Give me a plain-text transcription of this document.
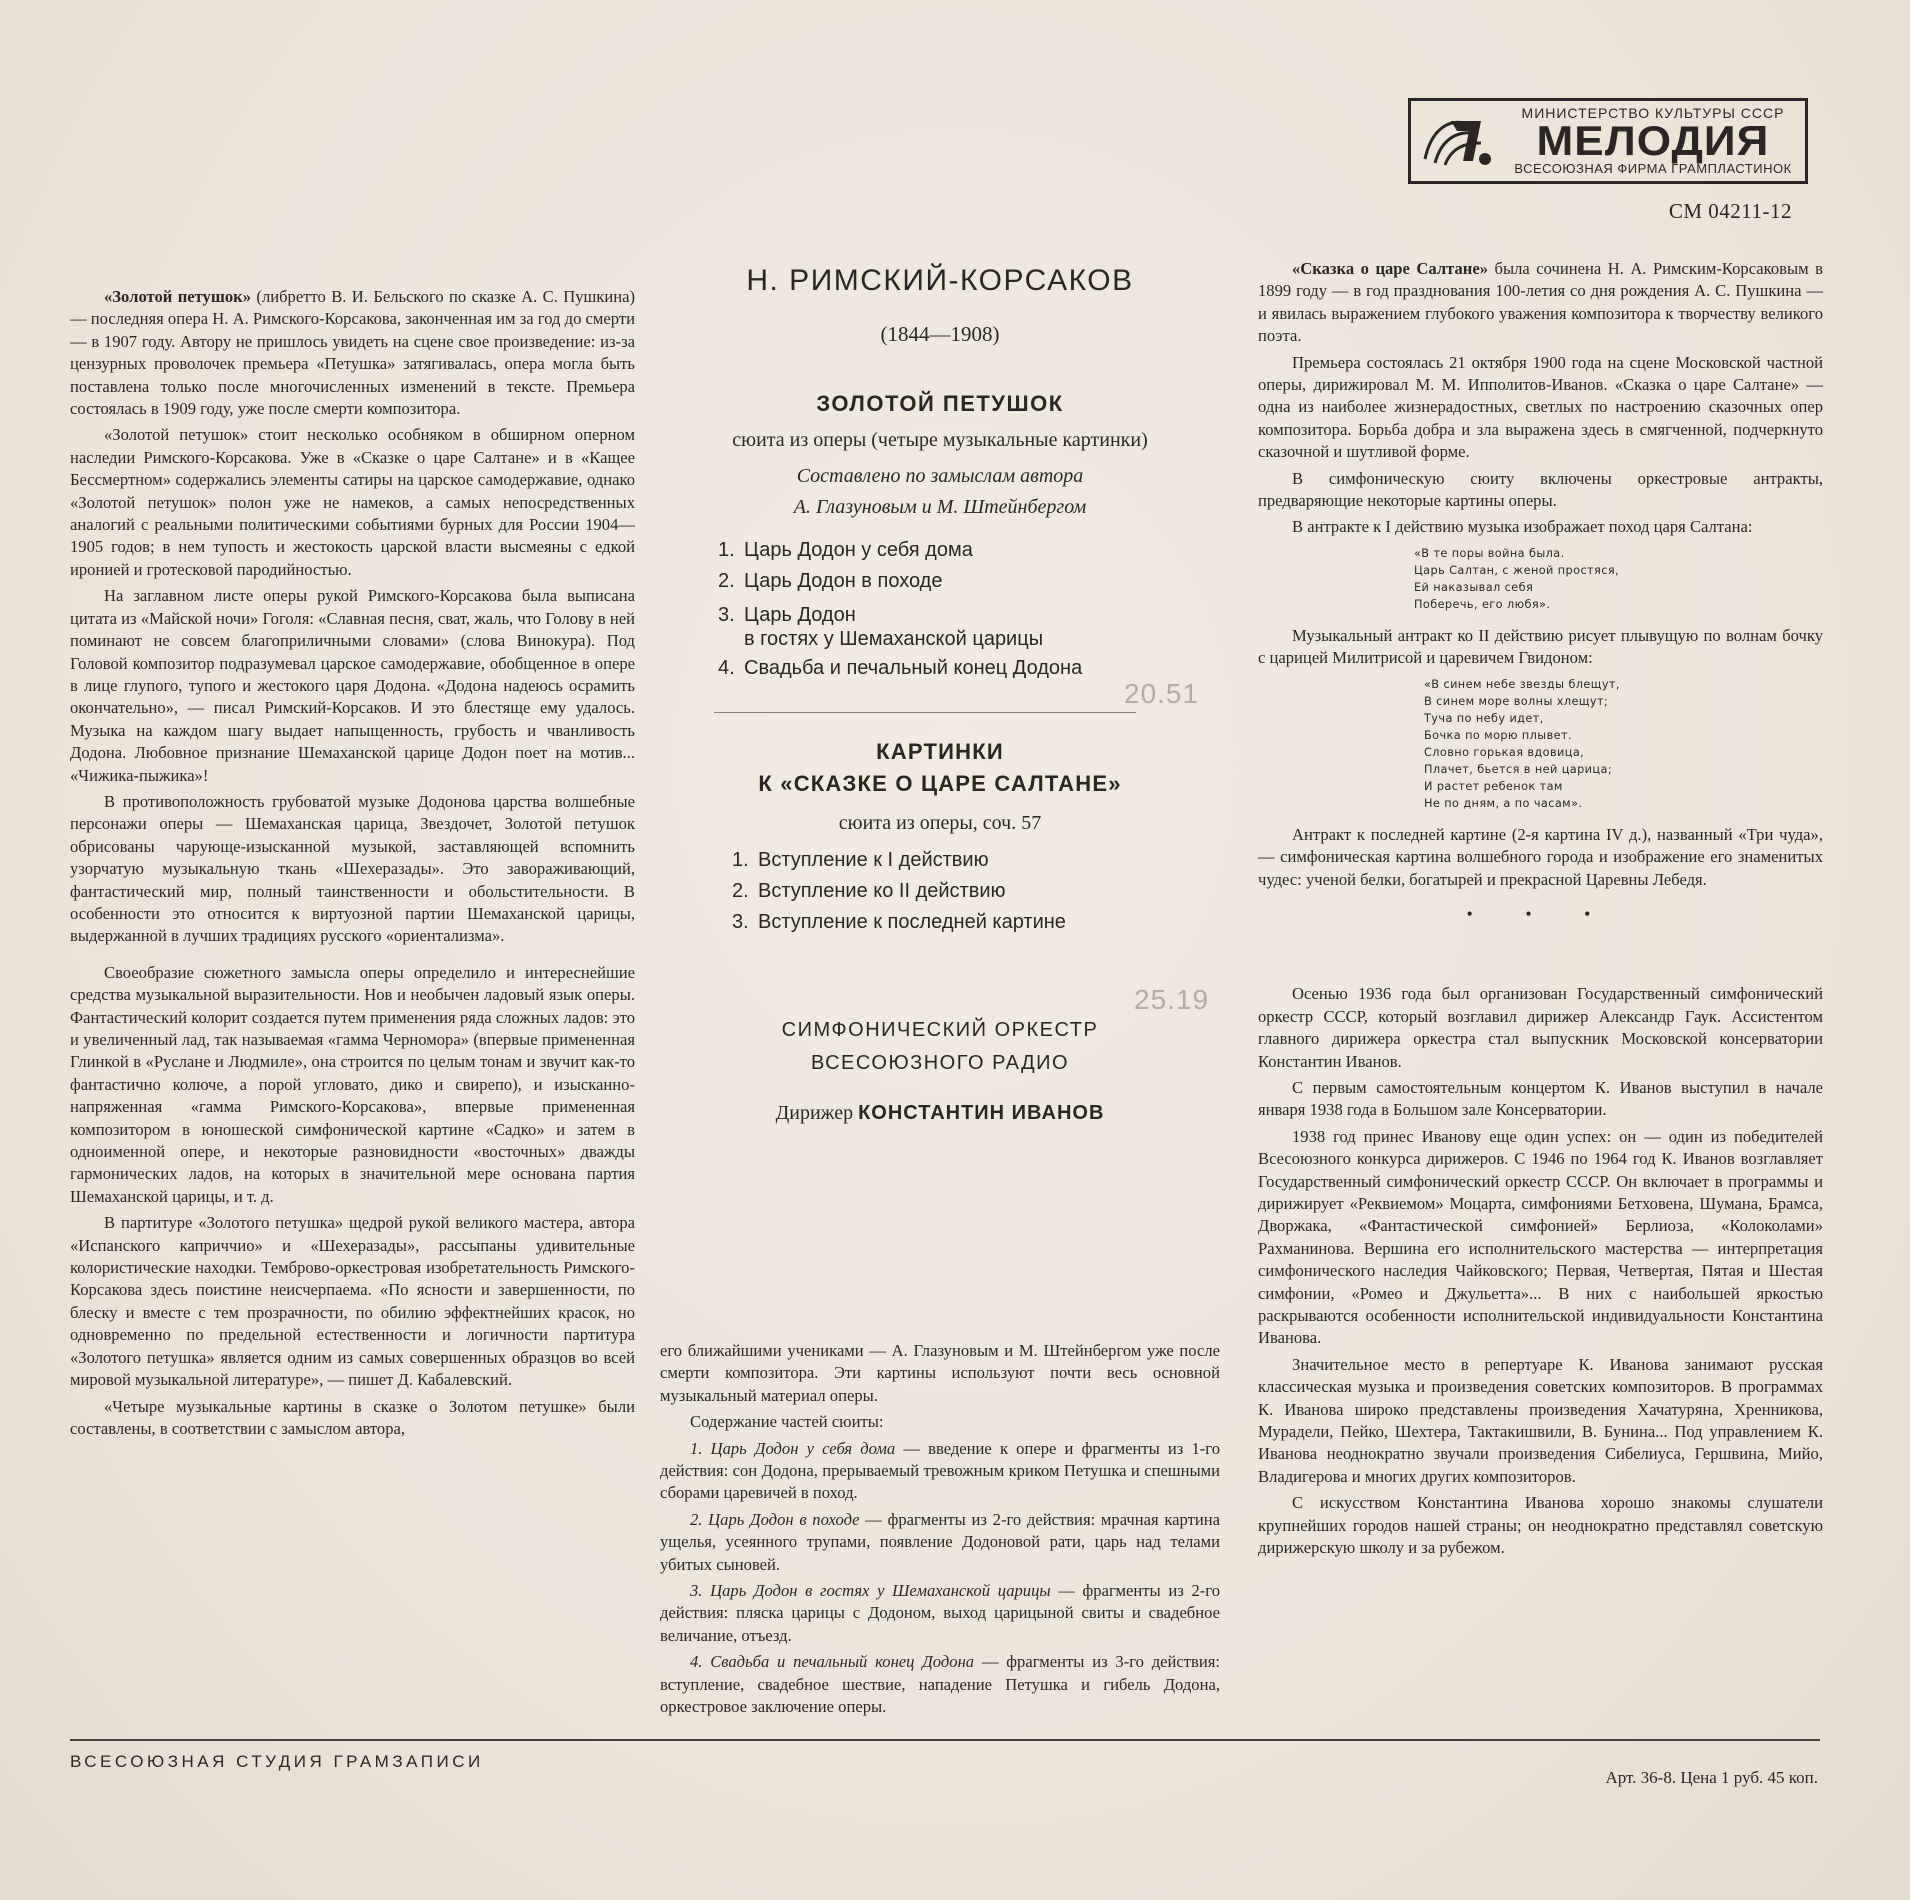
МИНИСТЕРСТВО КУЛЬТУРЫ СССР
МЕЛОДИЯ
ВСЕСОЮЗНАЯ ФИРМА ГРАМПЛАСТИНОК
СМ 04211-12

«Золотой петушок» (либретто В. И. Бельского по сказке А. С. Пушкина) — последняя опера Н. А. Римского-Корсакова, законченная им за год до смерти — в 1907 году. Автору не пришлось увидеть на сцене свое произведение: из-за цензурных проволочек премьера «Петушка» затягивалась, опера могла быть поставлена только после многочисленных изменений в тексте. Премьера состоялась в 1909 году, уже после смерти композитора.

«Золотой петушок» стоит несколько особняком в обширном оперном наследии Римского-Корсакова. Уже в «Сказке о царе Салтане» и в «Кащее Бессмертном» содержались элементы сатиры на царское самодержавие, однако «Золотой петушок» полон уже не намеков, а самых непосредственных аналогий с реальными политическими событиями бурных для России 1904—1905 годов; в нем тупость и жестокость царской власти высмеяны с едкой иронией и гротесковой пародийностью.

На заглавном листе оперы рукой Римского-Корсакова была выписана цитата из «Майской ночи» Гоголя: «Славная песня, сват, жаль, что Голову в ней поминают не совсем благоприличными словами» (слова Винокура). Под Головой композитор подразумевал царское самодержавие, обобщенное в опере в лице глупого, тупого и жестокого царя Додона. «Додона надеюсь осрамить окончательно», — писал Римский-Корсаков. И это блестяще ему удалось. Музыка на каждом шагу выдает напыщенность, грубость и чванливость Додона. Любовное признание Шемаханской царице Додон поет на мотив... «Чижика-пыжика»!

В противоположность грубоватой музыке Додонова царства волшебные персонажи оперы — Шемаханская царица, Звездочет, Золотой петушок обрисованы чарующе-изысканной музыкой, заставляющей вспомнить узорчатую музыкальную ткань «Шехеразады». Это завораживающий, фантастический мир, полный таинственности и обольстительности. В особенности это относится к виртуозной партии Шемаханской царицы, выдержанной в лучших традициях русского «ориентализма».

Своеобразие сюжетного замысла оперы определило и интереснейшие средства музыкальной выразительности. Нов и необычен ладовый язык оперы. Фантастический колорит создается путем применения ряда сложных ладов: это и увеличенный лад, так называемая «гамма Черномора» (впервые примененная Глинкой в «Руслане и Людмиле», она строится по целым тонам и звучит как-то фантастично колюче, а порой угловато, дико и свирепо), и изысканно-напряженная «гамма Римского-Корсакова», впервые примененная композитором в юношеской симфонической картине «Садко» и затем в одноименной опере, и некоторые разновидности «восточных» дважды гармонических ладов, на которых в значительной мере основана партия Шемаханской царицы, и т. д.

В партитуре «Золотого петушка» щедрой рукой великого мастера, автора «Испанского каприччио» и «Шехеразады», рассыпаны удивительные колористические находки. Темброво-оркестровая изобретательность Римского-Корсакова здесь поистине неисчерпаема. «По ясности и завершенности, по блеску и вместе с тем прозрачности, по обилию эффектнейших красок, но одновременно по предельной естественности и логичности партитура «Золотого петушка» является одним из самых совершенных образцов во всей мировой музыкальной литературе», — пишет Д. Кабалевский.

«Четыре музыкальные картины в сказке о Золотом петушке» были составлены, в соответствии с замыслом автора,

Н. РИМСКИЙ-КОРСАКОВ
(1844—1908)
ЗОЛОТОЙ ПЕТУШОК
сюита из оперы (четыре музыкальные картинки)
Составлено по замыслам автора
А. Глазуновым и М. Штейнбергом
1. Царь Додон у себя дома
2. Царь Додон в походе
3. Царь Додон
в гостях у Шемаханской царицы
4. Свадьба и печальный конец Додона
20.51
КАРТИНКИ
К «СКАЗКЕ О ЦАРЕ САЛТАНЕ»
сюита из оперы, соч. 57
1. Вступление к I действию
2. Вступление ко II действию
3. Вступление к последней картине
25.19
СИМФОНИЧЕСКИЙ ОРКЕСТР
ВСЕСОЮЗНОГО РАДИО
Дирижер КОНСТАНТИН ИВАНОВ

его ближайшими учениками — А. Глазуновым и М. Штейнбергом уже после смерти композитора. Эти картины используют почти весь основной музыкальный материал оперы.

Содержание частей сюиты:

1. Царь Додон у себя дома — введение к опере и фрагменты из 1-го действия: сон Додона, прерываемый тревожным криком Петушка и спешными сборами царевичей в поход.

2. Царь Додон в походе — фрагменты из 2-го действия: мрачная картина ущелья, усеянного трупами, появление Додоновой рати, царь над телами убитых сыновей.

3. Царь Додон в гостях у Шемаханской царицы — фрагменты из 2-го действия: пляска царицы с Додоном, выход царицыной свиты и свадебное величание, отъезд.

4. Свадьба и печальный конец Додона — фрагменты из 3-го действия: вступление, свадебное шествие, нападение Петушка и гибель Додона, оркестровое заключение оперы.

«Сказка о царе Салтане» была сочинена Н. А. Римским-Корсаковым в 1899 году — в год празднования 100-летия со дня рождения А. С. Пушкина — и явилась выражением глубокого уважения композитора к творчеству великого поэта.

Премьера состоялась 21 октября 1900 года на сцене Московской частной оперы, дирижировал М. М. Ипполитов-Иванов. «Сказка о царе Салтане» — одна из наиболее жизнерадостных, светлых по настроению сказочных опер композитора. Борьба добра и зла выражена здесь в смягченной, подчеркнуто сказочной и шутливой форме.

В симфоническую сюиту включены оркестровые антракты, предваряющие некоторые картины оперы.

В антракте к I действию музыка изображает поход царя Салтана:

«В те поры война была.
Царь Салтан, с женой простяся,
Ей наказывал себя
Поберечь, его любя».

Музыкальный антракт ко II действию рисует плывущую по волнам бочку с царицей Милитрисой и царевичем Гвидоном:

«В синем небе звезды блещут,
В синем море волны хлещут;
Туча по небу идет,
Бочка по морю плывет.
Словно горькая вдовица,
Плачет, бьется в ней царица;
И растет ребенок там
Не по дням, а по часам».

Антракт к последней картине (2-я картина IV д.), названный «Три чуда», — симфоническая картина волшебного города и изображение его знаменитых чудес: ученой белки, богатырей и прекрасной Царевны Лебедя.

• • •

Осенью 1936 года был организован Государственный симфонический оркестр СССР, который возглавил дирижер Александр Гаук. Ассистентом главного дирижера оркестра стал выпускник Московской консерватории Константин Иванов.

С первым самостоятельным концертом К. Иванов выступил в начале января 1938 года в Большом зале Консерватории.

1938 год принес Иванову еще один успех: он — один из победителей Всесоюзного конкурса дирижеров. С 1946 по 1964 год К. Иванов возглавляет Государственный симфонический оркестр СССР. Он включает в программы и дирижирует «Реквиемом» Моцарта, симфониями Бетховена, Шумана, Брамса, Дворжака, «Фантастической симфонией» Берлиоза, «Колоколами» Рахманинова. Вершина его исполнительского мастерства — интерпретация симфонического наследия Чайковского; Первая, Четвертая, Пятая и Шестая симфонии, «Ромео и Джульетта»... В них с наибольшей яркостью раскрываются особенности исполнительской индивидуальности Константина Иванова.

Значительное место в репертуаре К. Иванова занимают русская классическая музыка и произведения советских композиторов. В программах К. Иванова широко представлены произведения Хачатуряна, Хренникова, Мурадели, Пейко, Шехтера, Тактакишвили, В. Бунина... Под управлением К. Иванова неоднократно звучали произведения Сибелиуса, Гершвина, Мийо, Владигерова и многих других композиторов.

С искусством Константина Иванова хорошо знакомы слушатели крупнейших городов нашей страны; он неоднократно представлял советскую дирижерскую школу и за рубежом.

ВСЕСОЮЗНАЯ СТУДИЯ ГРАМЗАПИСИ
Арт. 36-8. Цена 1 руб. 45 коп.
